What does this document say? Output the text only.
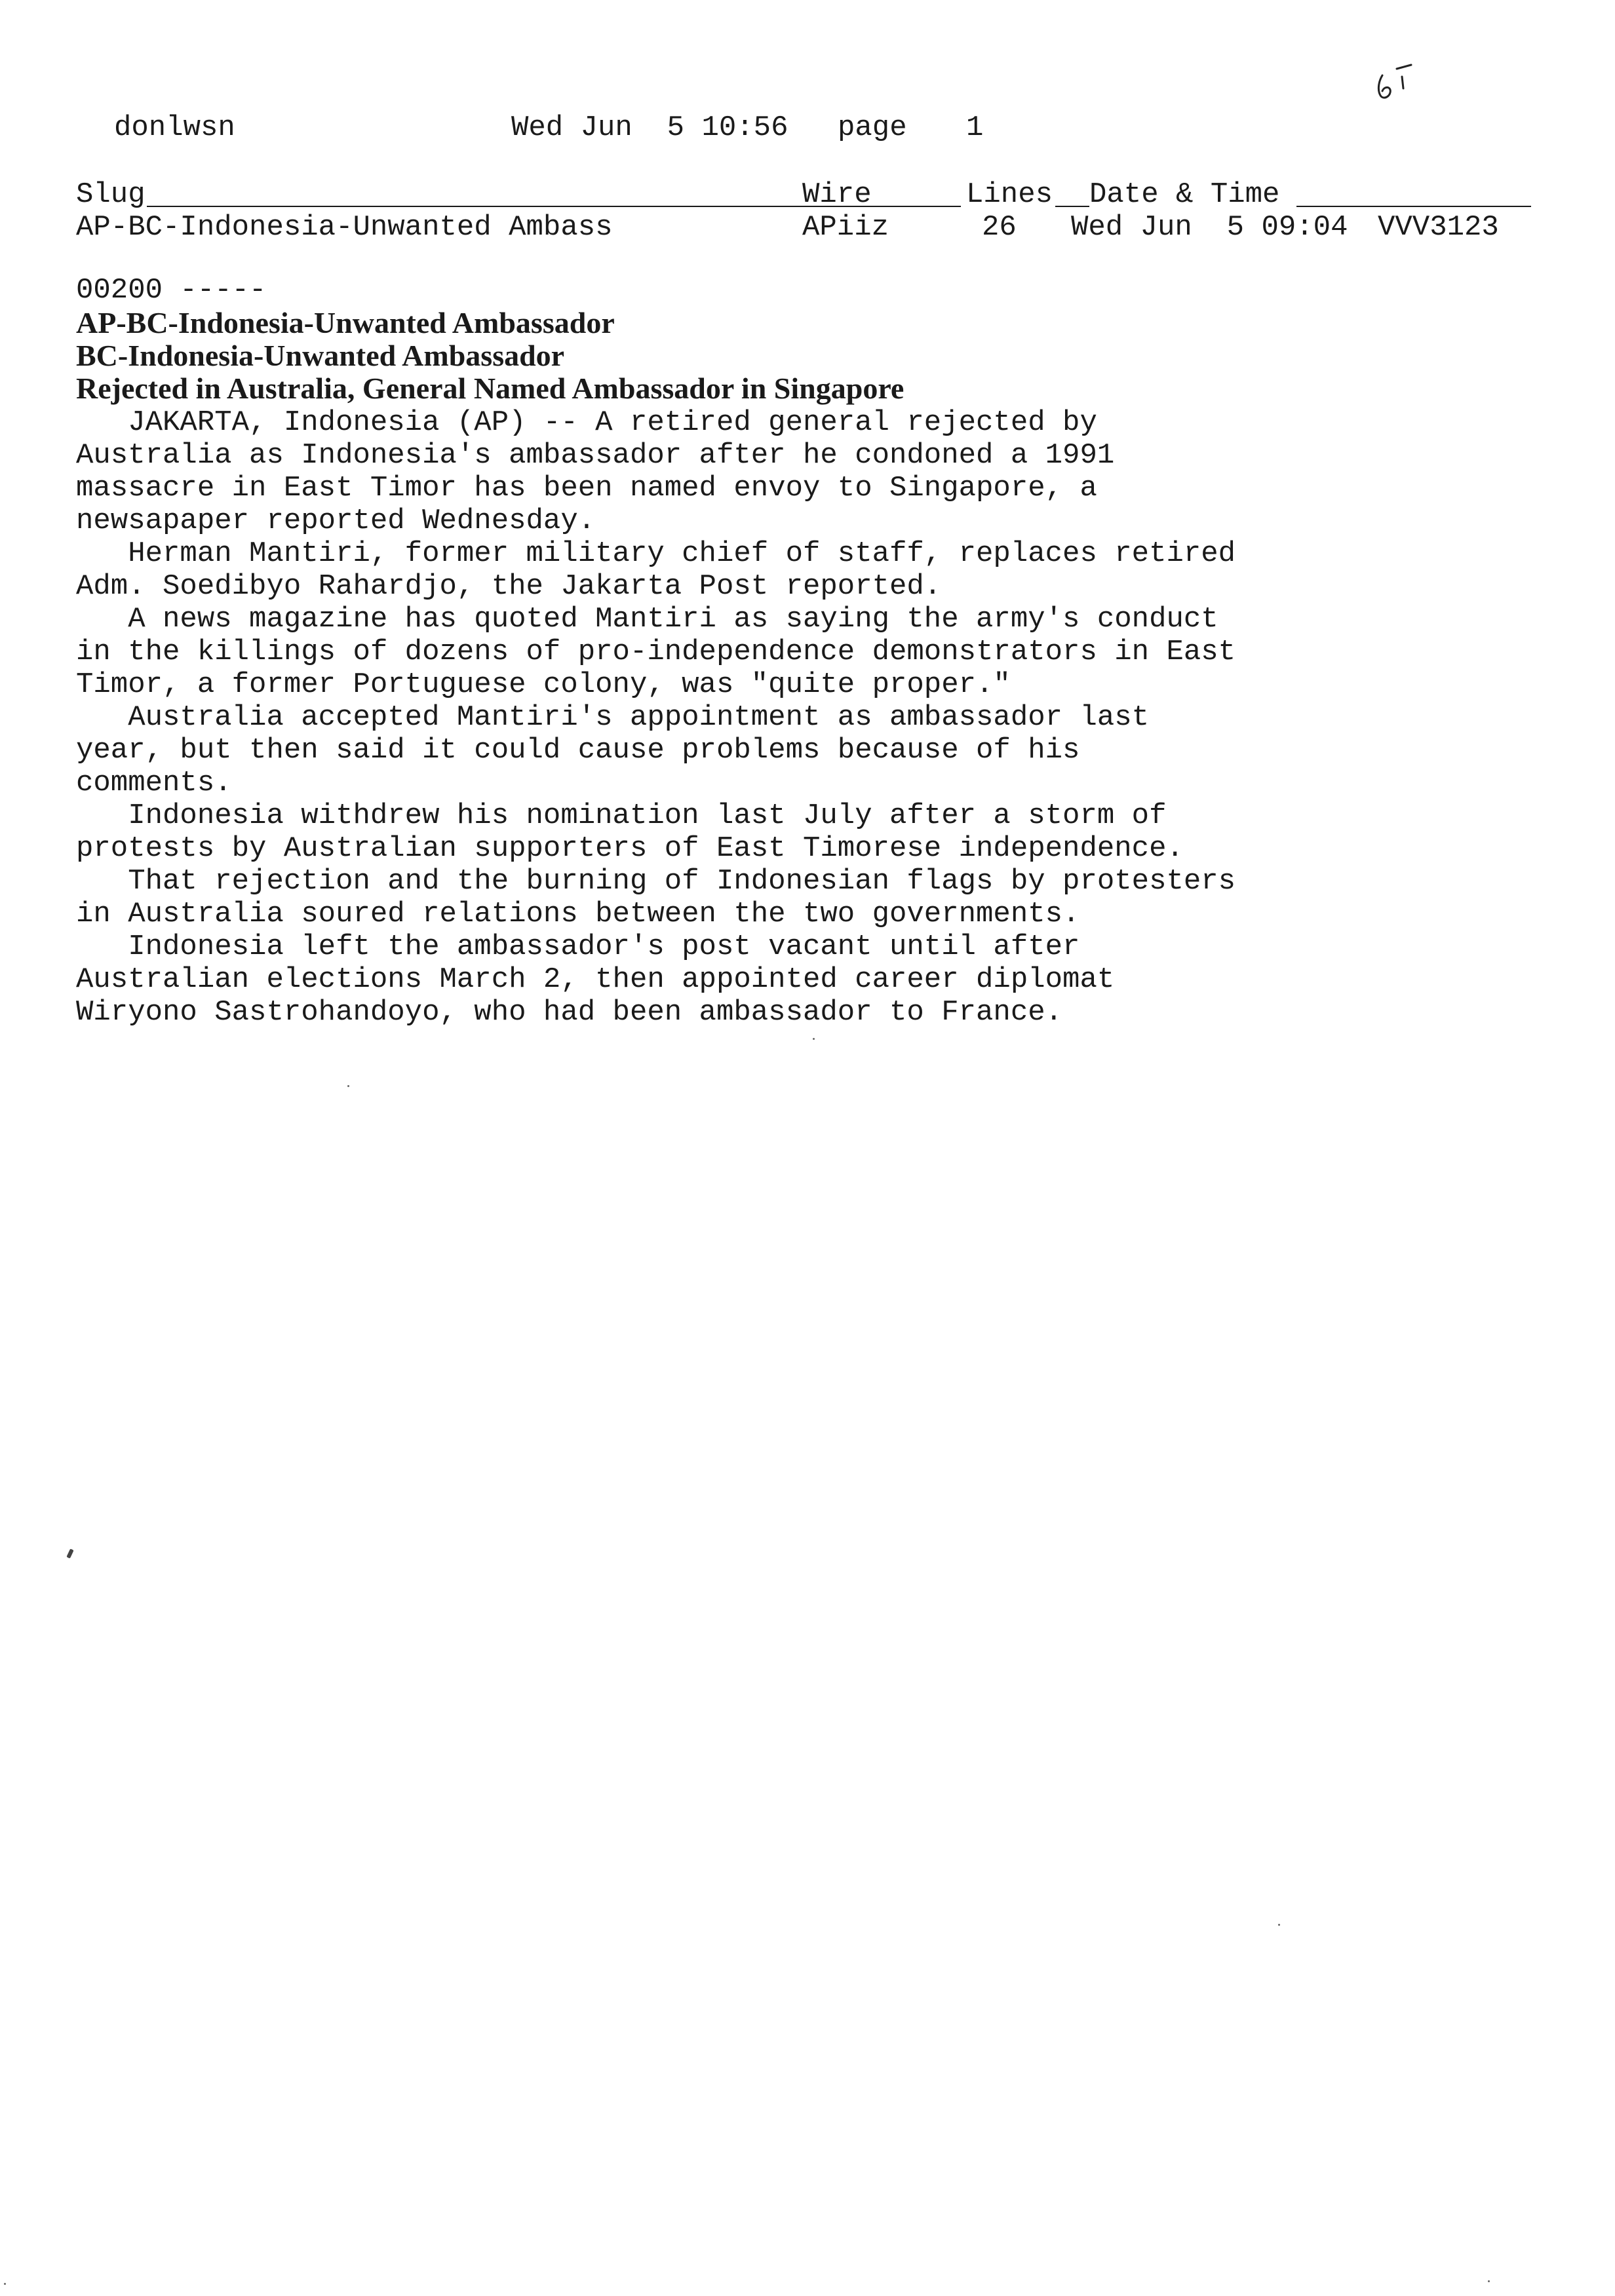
donlwsn

	Wed Jun  5 10:56

page

1

Slug	Wire	Lines Date & Time
AP-BC-Indonesia-Unwanted Ambass	APiiz	26 Wed Jun  5 09:04 VVV3123

00200 -----
AP-BC-Indonesia-Unwanted Ambassador
BC-Indonesia-Unwanted Ambassador
Rejected in Australia, General Named Ambassador in Singapore
JAKARTA, Indonesia (AP) -- A retired general rejected by
Australia as Indonesia's ambassador after he condoned a 1991
massacre in East Timor has been named envoy to Singapore, a
newsapaper reported Wednesday.
Herman Mantiri, former military chief of staff, replaces retired
Adm. Soedibyo Rahardjo, the Jakarta Post reported.
A news magazine has quoted Mantiri as saying the army's conduct
in the killings of dozens of pro-independence demonstrators in East
Timor, a former Portuguese colony, was "quite proper."
Australia accepted Mantiri's appointment as ambassador last
year, but then said it could cause problems because of his
comments.
Indonesia withdrew his nomination last July after a storm of
protests by Australian supporters of East Timorese independence.
That rejection and the burning of Indonesian flags by protesters
in Australia soured relations between the two governments.
Indonesia left the ambassador's post vacant until after
Australian elections March 2, then appointed career diplomat
Wiryono Sastrohandoyo, who had been ambassador to France.
